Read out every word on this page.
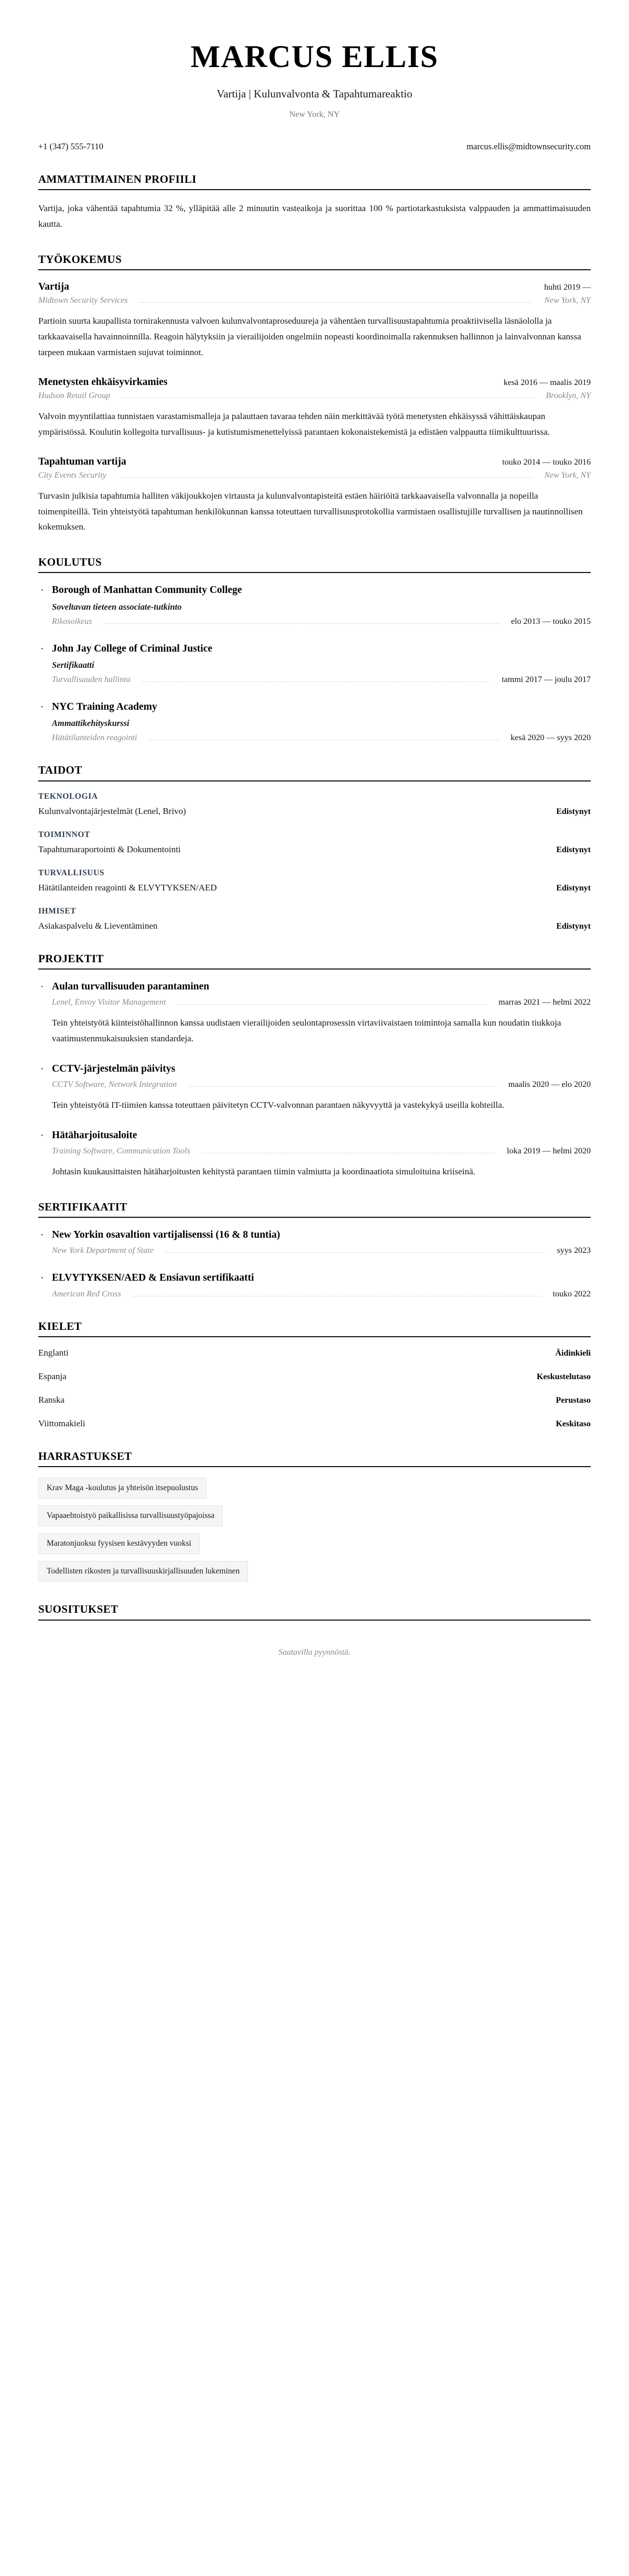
MARCUS ELLIS
Vartija | Kulunvalvonta & Tapahtumareaktio
New York, NY
+1 (347) 555-7110	marcus.ellis@midtownsecurity.com
AMMATTIMAINEN PROFIILI

Vartija, joka vähentää tapahtumia 32 %, ylläpitää alle 2 minuutin vasteaikoja ja suorittaa 100 % partiotarkastuksista valppauden ja ammattimaisuuden kautta.

TYÖKOKEMUS
Vartija	huhti 2019 —
Midtown Security Services	New York, NY
Partioin suurta kaupallista tornirakennusta valvoen kulunvalvontaproseduureja ja vähentäen turvallisuustapahtumia proaktiivisella läsnäololla ja tarkkaavaisella havainnoinnilla. Reagoin hälytyksiin ja vierailijoiden ongelmiin nopeasti koordinoimalla rakennuksen hallinnon ja lainvalvonnan kanssa tarpeen mukaan varmistaen sujuvat toiminnot.
Menetysten ehkäisyvirkamies	kesä 2016 — maalis 2019
Hudson Retail Group	Brooklyn, NY
Valvoin myyntilattiaa tunnistaen varastamismalleja ja palauttaen tavaraa tehden näin merkittävää työtä menetysten ehkäisyssä vähittäiskaupan ympäristössä. Koulutin kollegoita turvallisuus- ja kutistumismenettelyissä parantaen kokonaistekemistä ja edistäen valppautta tiimikulttuurissa.
Tapahtuman vartija	touko 2014 — touko 2016
City Events Security	New York, NY
Turvasin julkisia tapahtumia halliten väkijoukkojen virtausta ja kulunvalvontapisteitä estäen häiriöitä tarkkaavaisella valvonnalla ja nopeilla toimenpiteillä. Tein yhteistyötä tapahtuman henkilökunnan kanssa toteuttaen turvallisuusprotokollia varmistaen osallistujille turvallisen ja nautinnollisen kokemuksen.
KOULUTUS
· Borough of Manhattan Community College
Soveltavan tieteen associate-tutkinto
Rikosoikeus	elo 2013 — touko 2015
· John Jay College of Criminal Justice
Sertifikaatti
Turvallisuuden hallinta	tammi 2017 — joulu 2017
· NYC Training Academy
Ammattikehityskurssi
Hätätilanteiden reagointi	kesä 2020 — syys 2020
TAIDOT
TEKNOLOGIA
Kulunvalvontajärjestelmät (Lenel, Brivo)	Edistynyt
TOIMINNOT
Tapahtumaraportointi & Dokumentointi	Edistynyt
TURVALLISUUS
Hätätilanteiden reagointi & ELVYTYKSEN/AED	Edistynyt
IHMISET
Asiakaspalvelu & Lieventäminen	Edistynyt
PROJEKTIT
· Aulan turvallisuuden parantaminen
Lenel, Envoy Visitor Management	marras 2021 — helmi 2022
Tein yhteistyötä kiinteistöhallinnon kanssa uudistaen vierailijoiden seulontaprosessin virtaviivaistaen toimintoja samalla kun noudatin tiukkoja vaatimustenmukaisuuksien standardeja.
· CCTV-järjestelmän päivitys
CCTV Software, Network Integration	maalis 2020 — elo 2020
Tein yhteistyötä IT-tiimien kanssa toteuttaen päivitetyn CCTV-valvonnan parantaen näkyvyyttä ja vastekykyä useilla kohteilla.
· Hätäharjoitusaloite
Training Software, Communication Tools	loka 2019 — helmi 2020
Johtasin kuukausittaisten hätäharjoitusten kehitystä parantaen tiimin valmiutta ja koordinaatiota simuloituina kriiseinä.
SERTIFIKAATIT
· New Yorkin osavaltion vartijalisenssi (16 & 8 tuntia)
New York Department of State	syys 2023
· ELVYTYKSEN/AED & Ensiavun sertifikaatti
American Red Cross	touko 2022
KIELET
Englanti	Äidinkieli
Espanja	Keskustelutaso
Ranska	Perustaso
Viittomakieli	Keskitaso
HARRASTUKSET
Krav Maga -koulutus ja yhteisön itsepuolustus
Vapaaehtoistyö paikallisissa turvallisuustyöpajoissa
Maratonjuoksu fyysisen kestävyyden vuoksi
Todellisten rikosten ja turvallisuuskirjallisuuden lukeminen
SUOSITUKSET
Saatavilla pyynnöstä.
